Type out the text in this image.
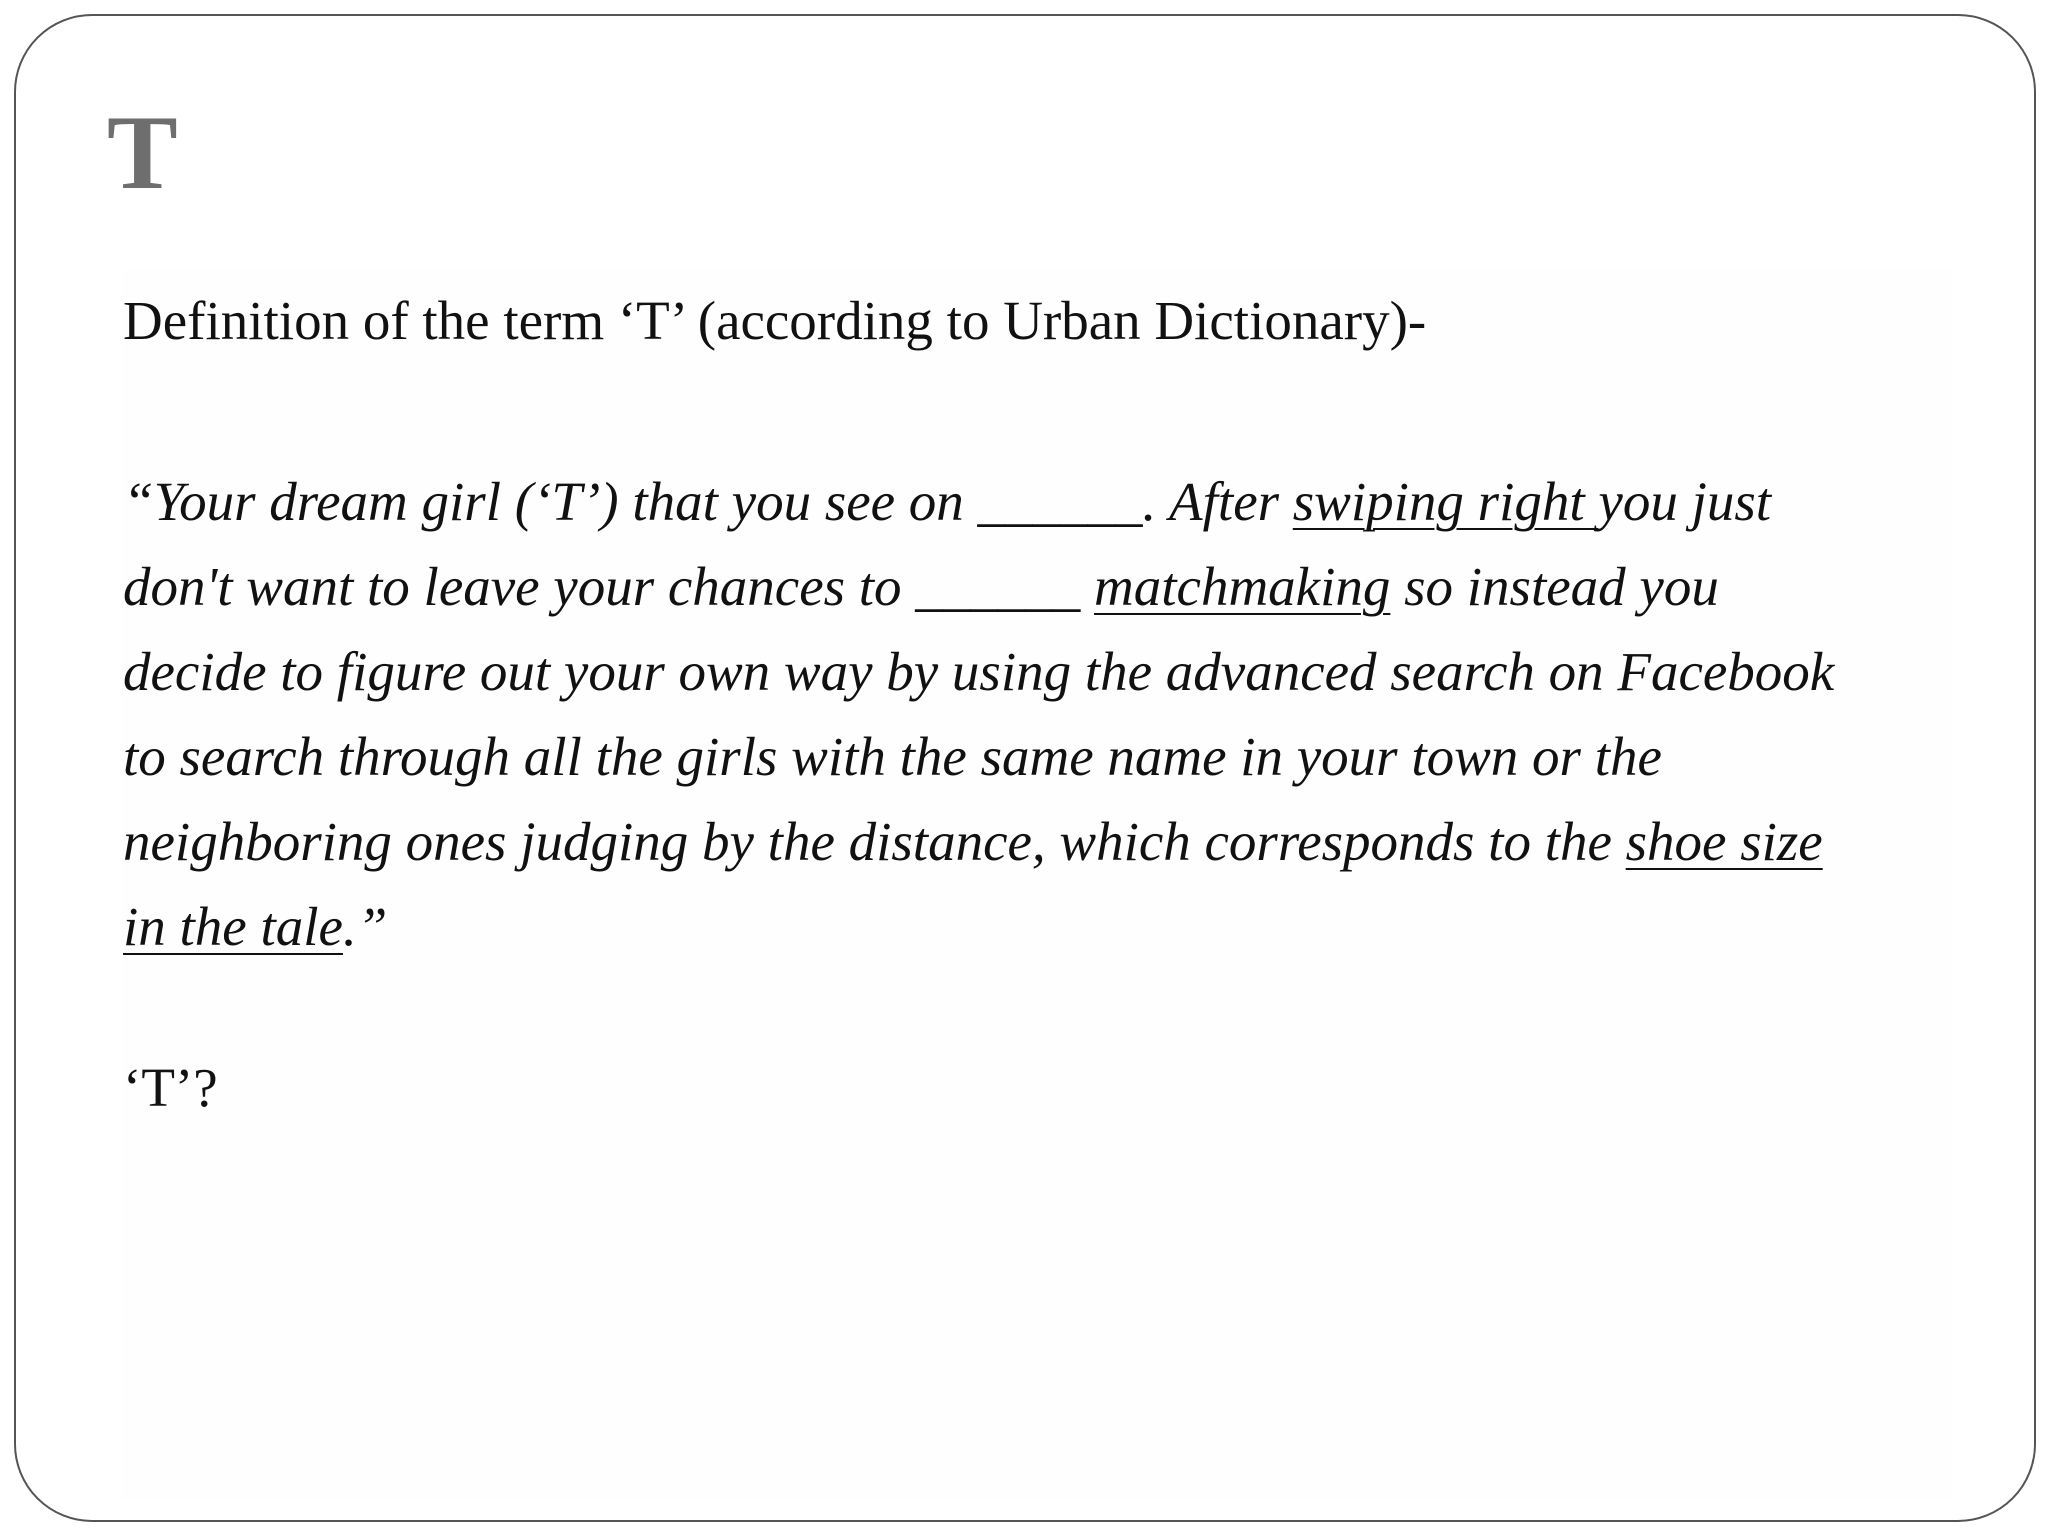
T

Definition of the term ‘T’ (according to Urban Dictionary)-

“Your dream girl (‘T’) that you see on ______. After swiping right you just
don't want to leave your chances to ______ matchmaking so instead you
decide to figure out your own way by using the advanced search on Facebook
to search through all the girls with the same name in your town or the
neighboring ones judging by the distance, which corresponds to the shoe size
in the tale.”

‘T’?
